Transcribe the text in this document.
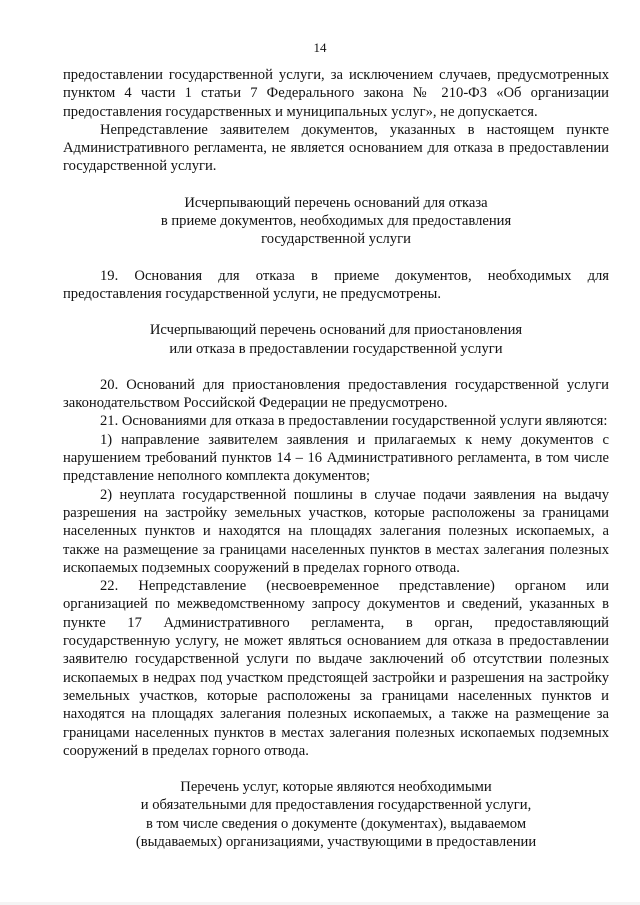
14

предоставлении государственной услуги, за исключением случаев, предусмотренных пунктом 4 части 1 статьи 7 Федерального закона № 210-ФЗ «Об организации предоставления государственных и муниципальных услуг», не допускается.

Непредставление заявителем документов, указанных в настоящем пункте Административного регламента, не является основанием для отказа в предоставлении государственной услуги.

Исчерпывающий перечень оснований для отказа
в приеме документов, необходимых для предоставления
государственной услуги

19. Основания для отказа в приеме документов, необходимых для предоставления государственной услуги, не предусмотрены.

Исчерпывающий перечень оснований для приостановления
или отказа в предоставлении государственной услуги

20. Оснований для приостановления предоставления государственной услуги законодательством Российской Федерации не предусмотрено.

21. Основаниями для отказа в предоставлении государственной услуги являются:

1) направление заявителем заявления и прилагаемых к нему документов с нарушением требований пунктов 14 – 16 Административного регламента, в том числе представление неполного комплекта документов;

2) неуплата государственной пошлины в случае подачи заявления на выдачу разрешения на застройку земельных участков, которые расположены за границами населенных пунктов и находятся на площадях залегания полезных ископаемых, а также на размещение за границами населенных пунктов в местах залегания полезных ископаемых подземных сооружений в пределах горного отвода.

22. Непредставление (несвоевременное представление) органом или организацией по межведомственному запросу документов и сведений, указанных в пункте 17 Административного регламента, в орган, предоставляющий государственную услугу, не может являться основанием для отказа в предоставлении заявителю государственной услуги по выдаче заключений об отсутствии полезных ископаемых в недрах под участком предстоящей застройки и разрешения на застройку земельных участков, которые расположены за границами населенных пунктов и находятся на площадях залегания полезных ископаемых, а также на размещение за границами населенных пунктов в местах залегания полезных ископаемых подземных сооружений в пределах горного отвода.

Перечень услуг, которые являются необходимыми
и обязательными для предоставления государственной услуги,
в том числе сведения о документе (документах), выдаваемом
(выдаваемых) организациями, участвующими в предоставлении
